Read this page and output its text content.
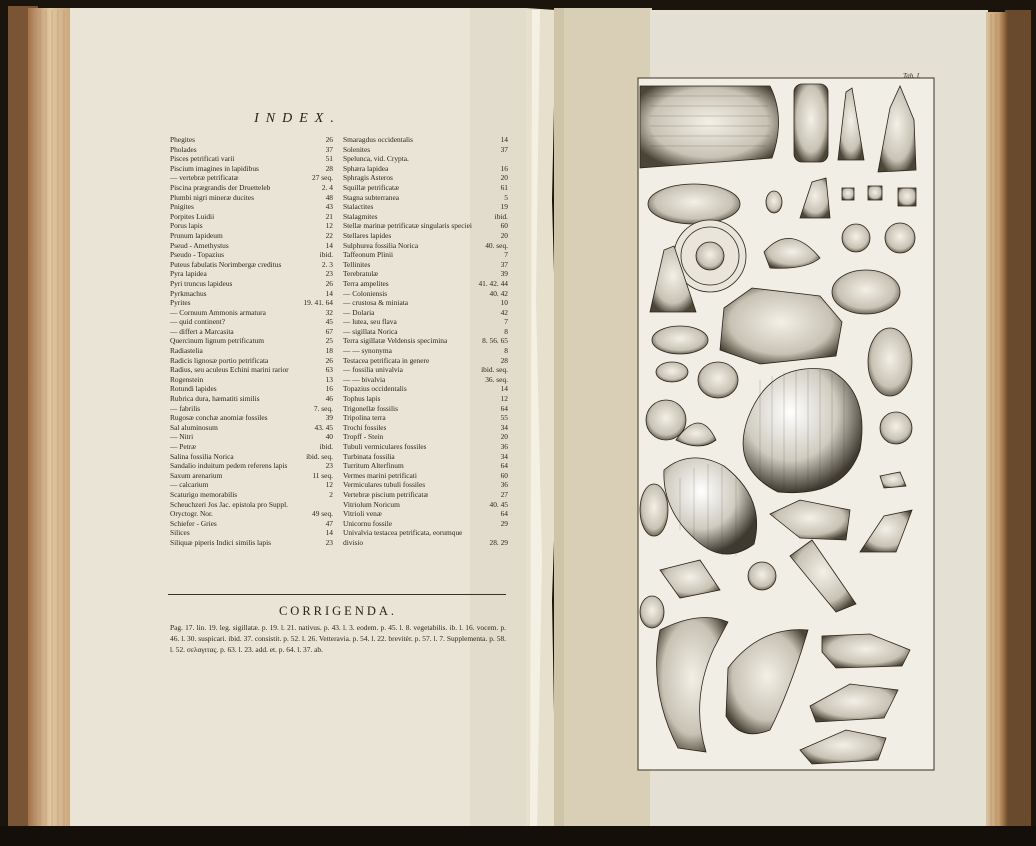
INDEX.
Phegites	26
Pholades	37
Pisces petrificati varii	51
Piscium imagines in lapidibus	28
— vertebræ petrificatæ	27 seq.
Piscina prægrandis der Druetteleb	2. 4
Plumbi nigri mineræ ducites	48
Pnigites	43
Porpites Luidii	21
Porus lapis	12
Prunum lapideum	22
Pseud - Amethystus	14
Pseudo - Topazius	ibid.
Puteus fabulatis Norimbergæ creditus	2. 3
Pyra lapidea	23
Pyri truncus lapideus	26
Pyrkmachus	14
Pyrites	19. 41. 64
— Cornuum Ammonis armatura	32
— quid continent?	45
— differt a Marcasita	67
Quercinum lignum petrificatum	25
Radiastelia	18
Radicis lignosæ portio petrificata	26
Radius, seu aculeus Echini marini rarior	63
Rogenstein	13
Rotundi lapides	16
Rubrica dura, hæmatiti similis	46
— fabrilis	7. seq.
Rugosæ conchæ anomiæ fossiles	39
Sal aluminosum	43. 45
— Nitri	40
— Petræ	ibid.
Salina fossilia Norica	ibid. seq.
Sandalio induitum pedem referens lapis	23
Saxum arenarium	11 seq.
— calcarium	12
Scaturigo memorabilis	2
Scheuchzeri Jos Jac. epistola pro Suppl.
Oryctogr. Nor.	49 seq.
Schiefer - Gries	47
Silices	14
Siliquæ piperis Indici similis lapis	23
Smaragdus occidentalis	14
Solenites	37
Spelunca, vid. Crypta.
Sphæra lapidea	16
Sphragis Asteros	20
Squillæ petrificatæ	61
Stagna subterranea	5
Stalactites	19
Stalagmites	ibid.
Stellæ marinæ petrificatæ singularis speciei	60
Stellares lapides	20
Sulphurea fossilia Norica	40. seq.
Taffeonum Plinii	7
Tellinites	37
Terebratulæ	39
Terra ampelites	41. 42. 44
— Coloniensis	40. 42
— crustosa & miniata	10
— Dolaria	42
— lutea, seu flava	7
— sigillata Norica	8
Terra sigillatæ Veldensis specimina	8. 56. 65
— — synonyma	8
Testacea petrificata in genere	28
— fossilia univalvia	ibid. seq.
— — bivalvia	36. seq.
Topazius occidentalis	14
Tophus lapis	12
Trigonellæ fossilis	64
Tripolina terra	55
Trochi fossiles	34
Tropff - Stein	20
Tubuli vermiculares fossiles	36
Turbinata fossilia	34
Turritum Alterfinum	64
Vermes marini petrificati	60
Vermiculares tubuli fossiles	36
Vertebræ piscium petrificatæ	27
Vitriolum Noricum	40. 45
Vitrioli venæ	64
Unicornu fossile	29
Univalvia testacea petrificata, eorumque
divisio	28. 29
CORRIGENDA.
Pag. 17. lin. 19. leg. sigillatæ. p. 19. l. 21. nativus. p. 43. l. 3. eodem. p. 45. l. 8. vegetabilis. ib. l. 16. vocem. p. 46. l. 30. suspicari. ibid. 37. consistit. p. 52. l. 26. Vetteravia. p. 54. l. 22. brevitèr. p. 57. l. 7. Supplementa. p. 58. l. 52. σελαγιτας. p. 63. l. 23. add. et. p. 64. l. 37. ab.
Tab. I.
